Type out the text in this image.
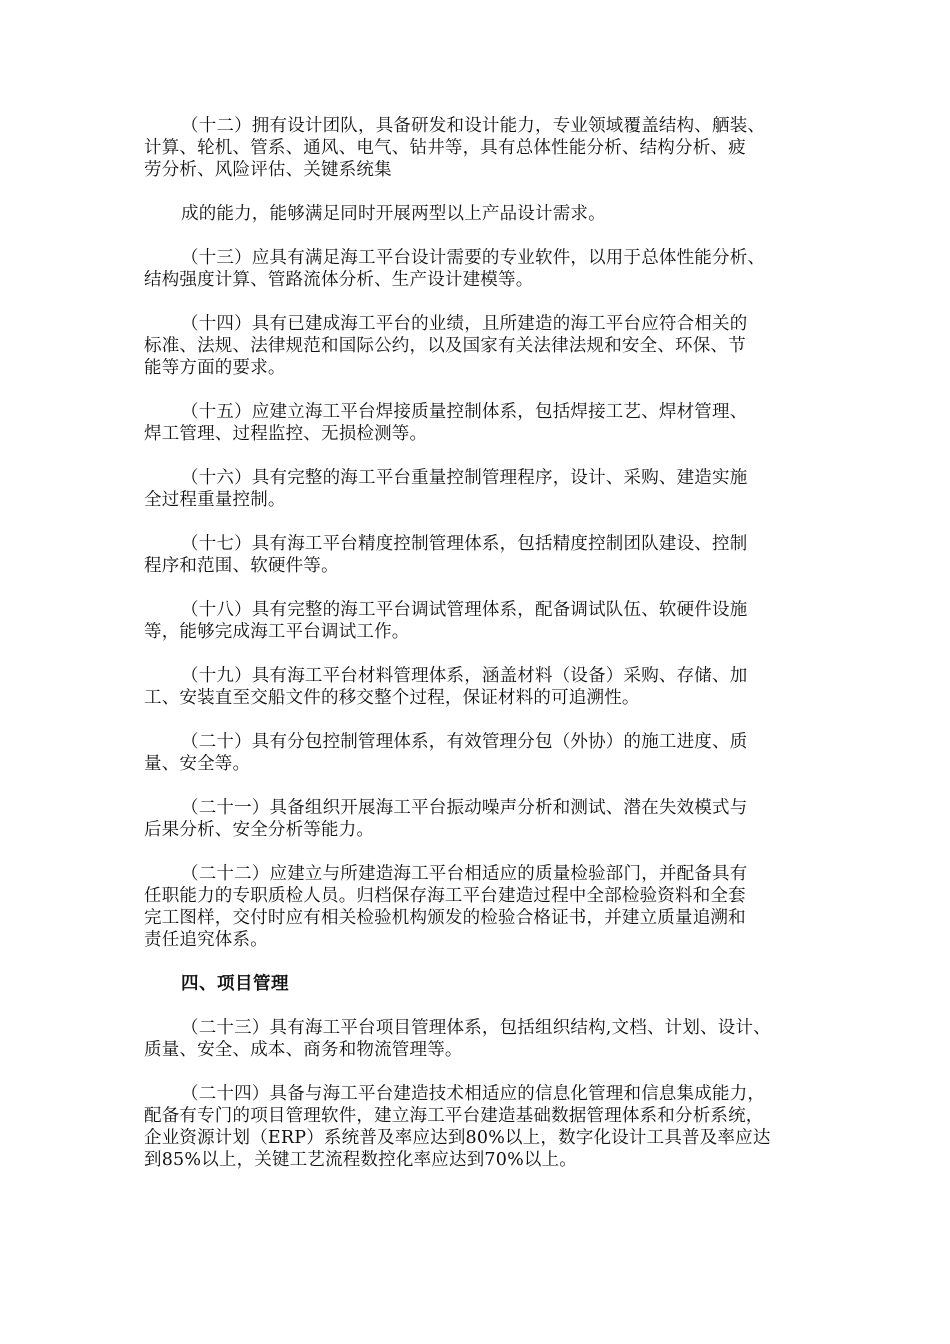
（十二）拥有设计团队，具备研发和设计能力，专业领域覆盖结构、舾装、
计算、轮机、管系、通风、电气、钻井等，具有总体性能分析、结构分析、疲
劳分析、风险评估、关键系统集
成的能力，能够满足同时开展两型以上产品设计需求。
（十三）应具有满足海工平台设计需要的专业软件，以用于总体性能分析、
结构强度计算、管路流体分析、生产设计建模等。
（十四）具有已建成海工平台的业绩，且所建造的海工平台应符合相关的
标准、法规、法律规范和国际公约，以及国家有关法律法规和安全、环保、节
能等方面的要求。
（十五）应建立海工平台焊接质量控制体系，包括焊接工艺、焊材管理、
焊工管理、过程监控、无损检测等。
（十六）具有完整的海工平台重量控制管理程序，设计、采购、建造实施
全过程重量控制。
（十七）具有海工平台精度控制管理体系，包括精度控制团队建设、控制
程序和范围、软硬件等。
（十八）具有完整的海工平台调试管理体系，配备调试队伍、软硬件设施
等，能够完成海工平台调试工作。
（十九）具有海工平台材料管理体系，涵盖材料（设备）采购、存储、加
工、安装直至交船文件的移交整个过程，保证材料的可追溯性。
（二十）具有分包控制管理体系，有效管理分包（外协）的施工进度、质
量、安全等。
（二十一）具备组织开展海工平台振动噪声分析和测试、潜在失效模式与
后果分析、安全分析等能力。
（二十二）应建立与所建造海工平台相适应的质量检验部门，并配备具有
任职能力的专职质检人员。归档保存海工平台建造过程中全部检验资料和全套
完工图样，交付时应有相关检验机构颁发的检验合格证书，并建立质量追溯和
责任追究体系。
四、项目管理
（二十三）具有海工平台项目管理体系，包括组织结构,文档、计划、设计、
质量、安全、成本、商务和物流管理等。
（二十四）具备与海工平台建造技术相适应的信息化管理和信息集成能力，
配备有专门的项目管理软件，建立海工平台建造基础数据管理体系和分析系统，
企业资源计划（ERP）系统普及率应达到80%以上，数字化设计工具普及率应达
到85%以上，关键工艺流程数控化率应达到70%以上。
